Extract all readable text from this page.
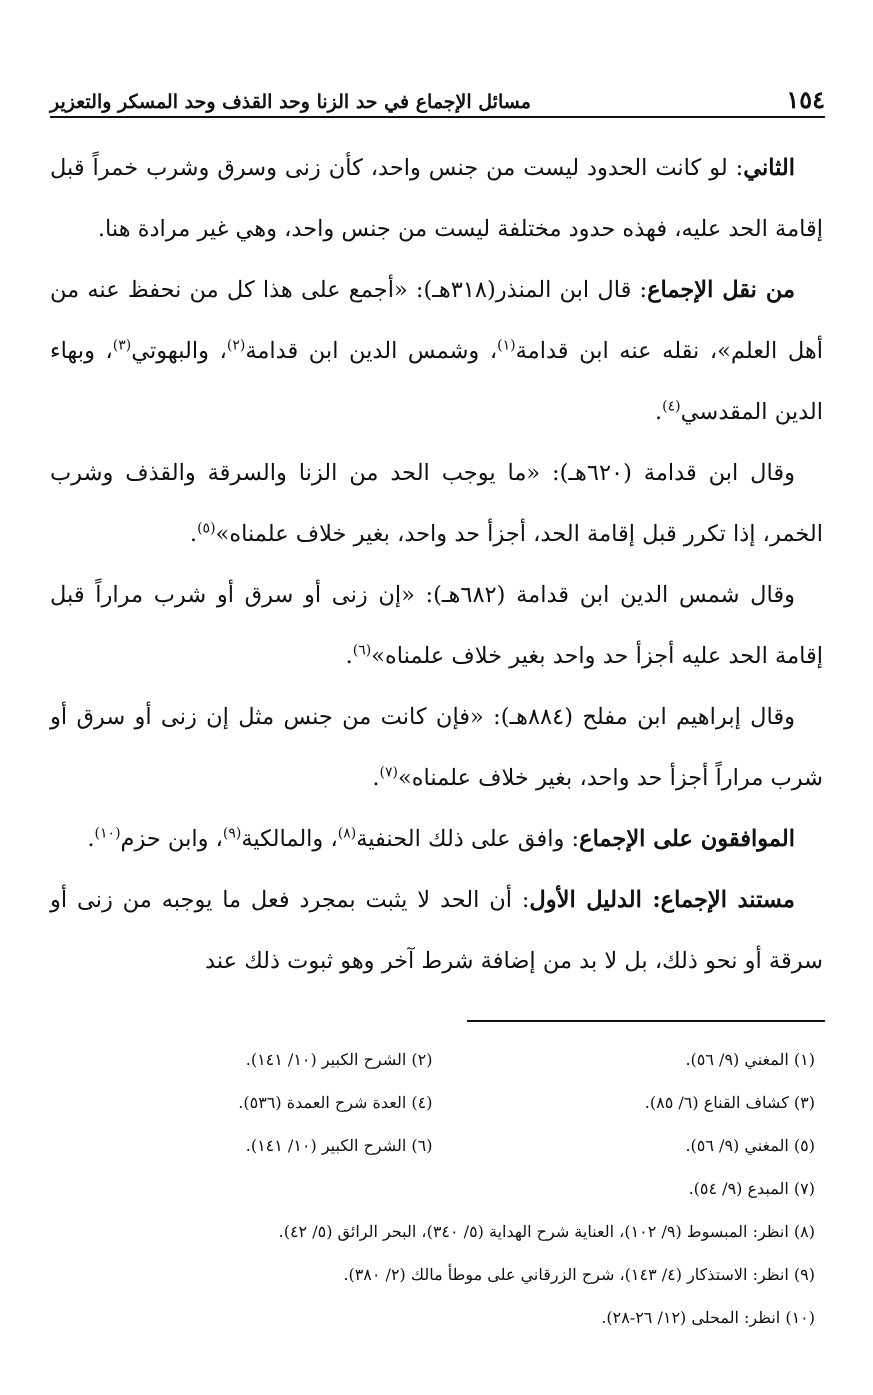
١٥٤
مسائل الإجماع في حد الزنا وحد القذف وحد المسكر والتعزير

الثاني: لو كانت الحدود ليست من جنس واحد، كأن زنى وسرق وشرب خمراً قبل إقامة الحد عليه، فهذه حدود مختلفة ليست من جنس واحد، وهي غير مرادة هنا.

من نقل الإجماع: قال ابن المنذر(٣١٨هـ): «أجمع على هذا كل من نحفظ عنه من أهل العلم»، نقله عنه ابن قدامة$^{(١)}$، وشمس الدين ابن قدامة$^{(٢)}$، والبهوتي$^{(٣)}$، وبهاء الدين المقدسي$^{(٤)}$.

وقال ابن قدامة (٦٢٠هـ): «ما يوجب الحد من الزنا والسرقة والقذف وشرب الخمر، إذا تكرر قبل إقامة الحد، أجزأ حد واحد، بغير خلاف علمناه»$^{(٥)}$.

وقال شمس الدين ابن قدامة (٦٨٢هـ): «إن زنى أو سرق أو شرب مراراً قبل إقامة الحد عليه أجزأ حد واحد بغير خلاف علمناه»$^{(٦)}$.

وقال إبراهيم ابن مفلح (٨٨٤هـ): «فإن كانت من جنس مثل إن زنى أو سرق أو شرب مراراً أجزأ حد واحد، بغير خلاف علمناه»$^{(٧)}$.

الموافقون على الإجماع: وافق على ذلك الحنفية$^{(٨)}$، والمالكية$^{(٩)}$، وابن حزم$^{(١٠)}$.

مستند الإجماع: الدليل الأول: أن الحد لا يثبت بمجرد فعل ما يوجبه من زنى أو سرقة أو نحو ذلك، بل لا بد من إضافة شرط آخر وهو ثبوت ذلك عند

(١) المغني (٩/ ٥٦).
(٢) الشرح الكبير (١٠/ ١٤١).
(٣) كشاف القناع (٦/ ٨٥).
(٤) العدة شرح العمدة (٥٣٦).
(٥) المغني (٩/ ٥٦).
(٦) الشرح الكبير (١٠/ ١٤١).
(٧) المبدع (٩/ ٥٤).
(٨) انظر: المبسوط (٩/ ١٠٢)، العناية شرح الهداية (٥/ ٣٤٠)، البحر الرائق (٥/ ٤٢).
(٩) انظر: الاستذكار (٤/ ١٤٣)، شرح الزرقاني على موطأ مالك (٢/ ٣٨٠).
(١٠) انظر: المحلى (١٢/ ٢٦-٢٨).
